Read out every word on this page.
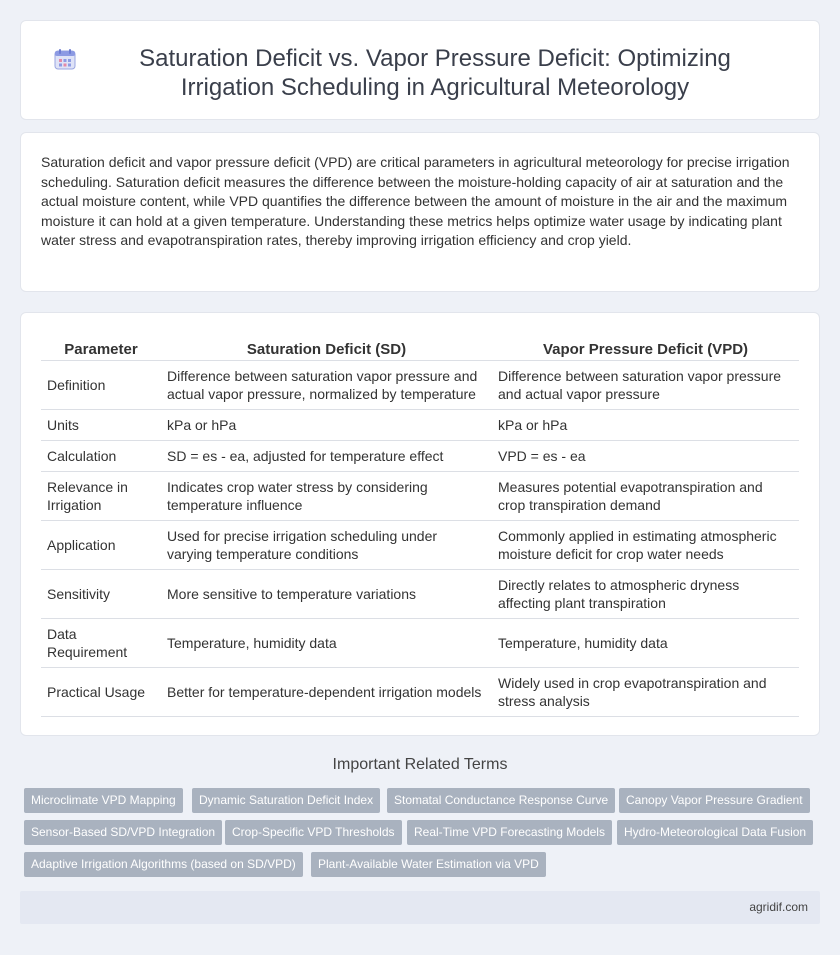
Saturation Deficit vs. Vapor Pressure Deficit: Optimizing Irrigation Scheduling in Agricultural Meteorology

Saturation deficit and vapor pressure deficit (VPD) are critical parameters in agricultural meteorology for precise irrigation scheduling. Saturation deficit measures the difference between the moisture-holding capacity of air at saturation and the actual moisture content, while VPD quantifies the difference between the amount of moisture in the air and the maximum moisture it can hold at a given temperature. Understanding these metrics helps optimize water usage by indicating plant water stress and evapotranspiration rates, thereby improving irrigation efficiency and crop yield.

Parameter	Saturation Deficit (SD)	Vapor Pressure Deficit (VPD)
Definition	Difference between saturation vapor pressure and actual vapor pressure, normalized by temperature	Difference between saturation vapor pressure and actual vapor pressure
Units	kPa or hPa	kPa or hPa
Calculation	SD = es - ea, adjusted for temperature effect	VPD = es - ea
Relevance in Irrigation	Indicates crop water stress by considering temperature influence	Measures potential evapotranspiration and crop transpiration demand
Application	Used for precise irrigation scheduling under varying temperature conditions	Commonly applied in estimating atmospheric moisture deficit for crop water needs
Sensitivity	More sensitive to temperature variations	Directly relates to atmospheric dryness affecting plant transpiration
Data Requirement	Temperature, humidity data	Temperature, humidity data
Practical Usage	Better for temperature-dependent irrigation models	Widely used in crop evapotranspiration and stress analysis
Important Related Terms
Microclimate VPD Mapping	Dynamic Saturation Deficit Index	Stomatal Conductance Response Curve	Canopy Vapor Pressure Gradient
Sensor-Based SD/VPD Integration	Crop-Specific VPD Thresholds	Real-Time VPD Forecasting Models	Hydro-Meteorological Data Fusion
Adaptive Irrigation Algorithms (based on SD/VPD)	Plant-Available Water Estimation via VPD
agridif.com
